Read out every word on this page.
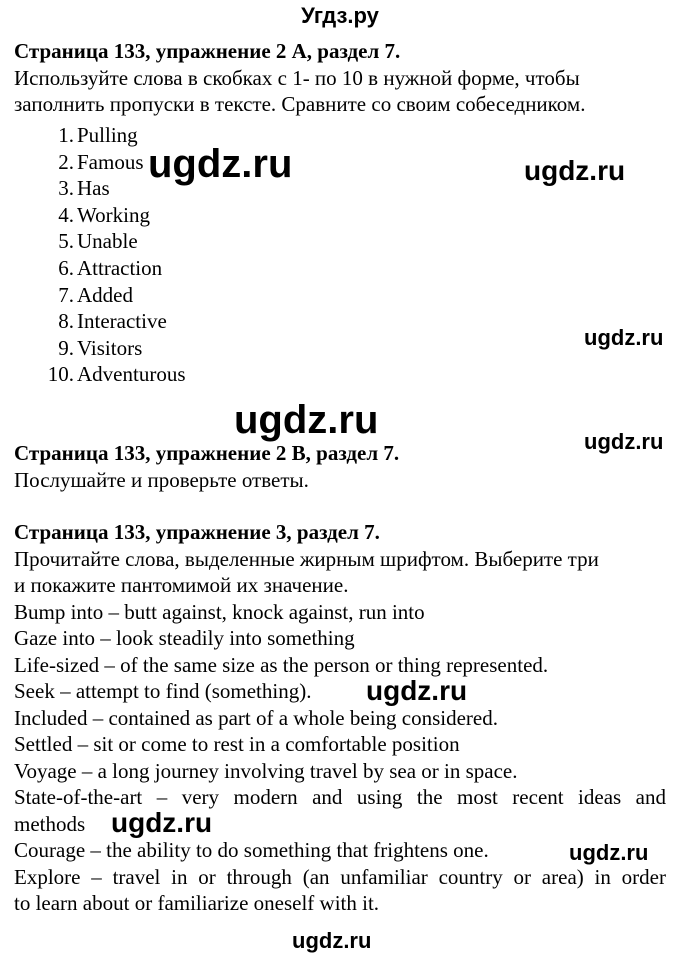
Угдз.ру
Страница 133, упражнение 2 A, раздел 7.
Используйте слова в скобках с 1- по 10 в нужной форме, чтобы
заполнить пропуски в тексте. Сравните со своим собеседником.
1. Pulling
2. Famous
3. Has
4. Working
5. Unable
6. Attraction
7. Added
8. Interactive
9. Visitors
10. Adventurous
Страница 133, упражнение 2 B, раздел 7.
Послушайте и проверьте ответы.
Страница 133, упражнение 3, раздел 7.
Прочитайте слова, выделенные жирным шрифтом. Выберите три
и покажите пантомимой их значение.
Bump into – butt against, knock against, run into
Gaze into – look steadily into something
Life-sized – of the same size as the person or thing represented.
Seek – attempt to find (something).
Included – contained as part of a whole being considered.
Settled – sit or come to rest in a comfortable position
Voyage – a long journey involving travel by sea or in space.
State-of-the-art – very modern and using the most recent ideas and
methods
Courage – the ability to do something that frightens one.
Explore – travel in or through (an unfamiliar country or area) in order
to learn about or familiarize oneself with it.
ugdz.ru	ugdz.ru
ugdz.ru
ugdz.ru	ugdz.ru
ugdz.ru
ugdz.ru
ugdz.ru
ugdz.ru
